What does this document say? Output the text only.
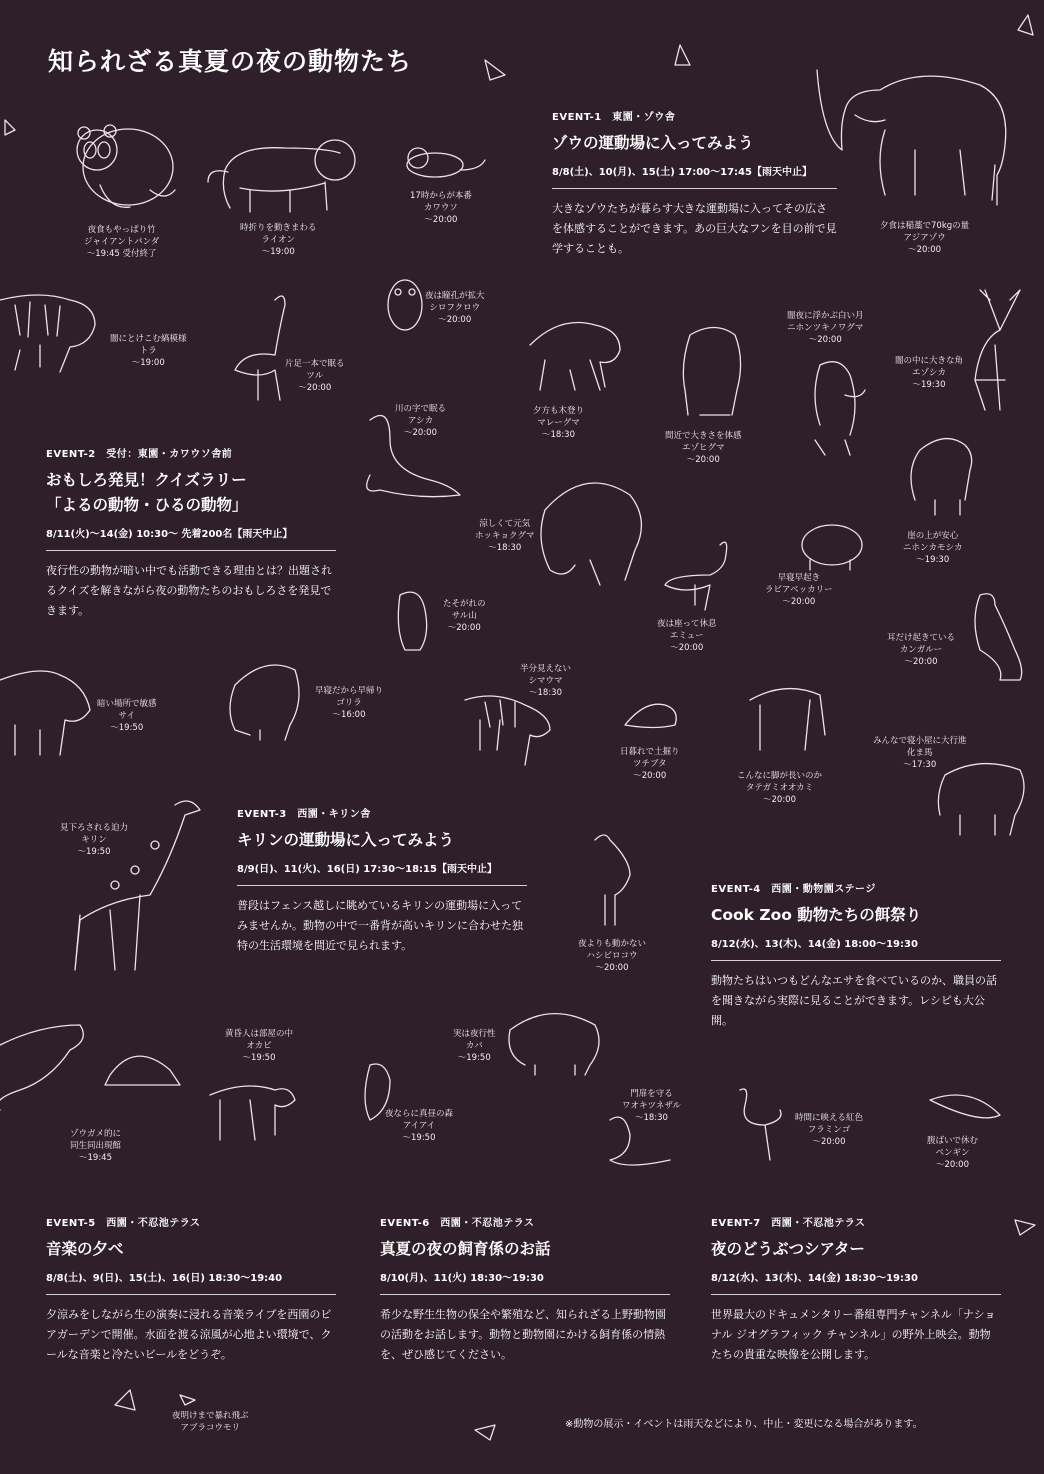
知られざる真夏の夜の動物たち
EVENT-1　東園・ゾウ舎
ゾウの運動場に入ってみよう
8/8(土)、10(月)、15(土) 17:00〜17:45【雨天中止】
大きなゾウたちが暮らす大きな運動場に入ってその広さを体感することができます。あの巨大なフンを目の前で見学することも。
EVENT-2　受付：東園・カワウソ舎前
おもしろ発見！クイズラリー
「よるの動物・ひるの動物」
8/11(火)〜14(金) 10:30〜 先着200名【雨天中止】
夜行性の動物が暗い中でも活動できる理由とは？出題されるクイズを解きながら夜の動物たちのおもしろさを発見できます。
EVENT-3　西園・キリン舎
キリンの運動場に入ってみよう
8/9(日)、11(火)、16(日) 17:30〜18:15【雨天中止】
普段はフェンス越しに眺めているキリンの運動場に入ってみませんか。動物の中で一番背が高いキリンに合わせた独特の生活環境を間近で見られます。
EVENT-4　西園・動物園ステージ
Cook Zoo 動物たちの餌祭り
8/12(水)、13(木)、14(金) 18:00〜19:30
動物たちはいつもどんなエサを食べているのか、職員の話を聞きながら実際に見ることができます。レシピも大公開。
EVENT-5　西園・不忍池テラス
音楽の夕べ
8/8(土)、9(日)、15(土)、16(日) 18:30〜19:40
夕涼みをしながら生の演奏に浸れる音楽ライブを西園のビアガーデンで開催。水面を渡る涼風が心地よい環境で、クールな音楽と冷たいビールをどうぞ。
EVENT-6　西園・不忍池テラス
真夏の夜の飼育係のお話
8/10(月)、11(火) 18:30〜19:30
希少な野生生物の保全や繁殖など、知られざる上野動物園の活動をお話します。動物と動物園にかける飼育係の情熱を、ぜひ感じてください。
EVENT-7　西園・不忍池テラス
夜のどうぶつシアター
8/12(水)、13(木)、14(金) 18:30〜19:30
世界最大のドキュメンタリー番組専門チャンネル「ナショナル ジオグラフィック チャンネル」の野外上映会。動物たちの貴重な映像を公開します。
夜食もやっぱり竹
ジャイアントパンダ
〜19:45 受付終了
時折りを動きまわる
ライオン
〜19:00
17時からが本番
カワウソ
〜20:00
夕食は稲藁で70kgの量
アジアゾウ
〜20:00
闇にとけこむ縞模様
トラ
〜19:00	片足一本で眠る
ツル
〜20:00
夜は瞳孔が拡大
シロフクロウ
〜20:00
夕方も木登り
マレーグマ
〜18:30	間近で大きさを体感
エゾヒグマ
〜20:00
闇夜に浮かぶ白い月
ニホンツキノワグマ
〜20:00
闇の中に大きな角
エゾシカ
〜19:30
川の字で眠る
アシカ
〜20:00
涼しくて元気
ホッキョクグマ
〜18:30
崖の上が安心
ニホンカモシカ
〜19:30
早寝早起き
ラビアベッカリー
〜20:00
夜は座って休息
エミュー
〜20:00
たそがれの
サル山
〜20:00
耳だけ起きている
カンガルー
〜20:00
暗い場所で敏感
サイ
〜19:50
早寝だから早帰り
ゴリラ
〜16:00
半分見えない
シマウマ
〜18:30
日暮れで土掘り
ツチブタ
〜20:00	こんなに脚が長いのか
タテガミオオカミ
〜20:00
みんなで寝小屋に大行進
化ま馬
〜17:30
見下ろされる迫力
キリン
〜19:50
夜よりも動かない
ハシビロコウ
〜20:00
黄昏人は部屋の中
オカピ
〜19:50
実は夜行性
カバ
〜19:50
ゾウガメ的に
同生同出現館
〜19:45
夜ならに真昼の森
アイアイ
〜19:50
門扉を守る
ワオキツネザル
〜18:30	時間に映える紅色
フラミンゴ
〜20:00	腹ばいで休む
ペンギン
〜20:00
夜明けまで暴れ飛ぶ
アブラコウモリ	※動物の展示・イベントは雨天などにより、中止・変更になる場合があります。
